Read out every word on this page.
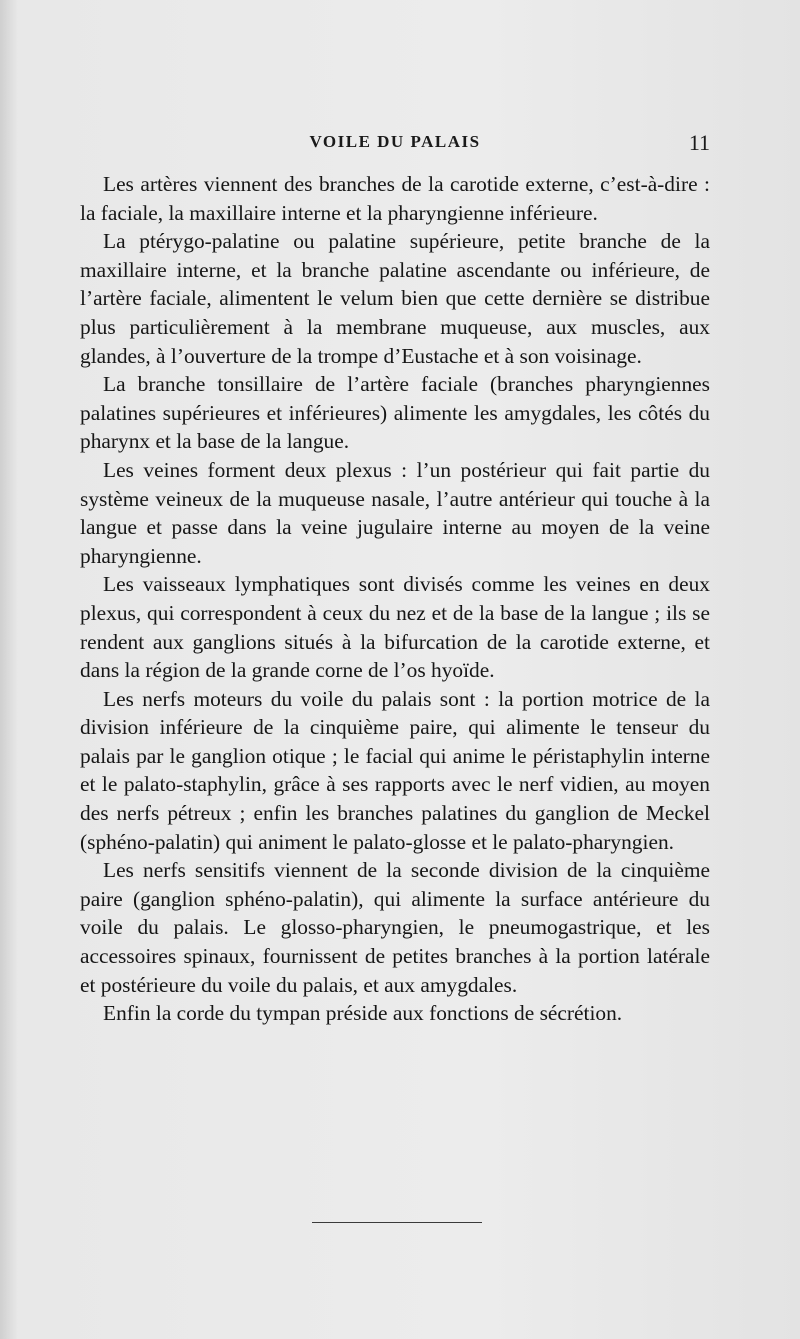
VOILE DU PALAIS	11

Les artères viennent des branches de la carotide externe, c’est-à-dire : la faciale, la maxillaire interne et la pharyngienne inférieure.

La ptérygo-palatine ou palatine supérieure, petite branche de la maxillaire interne, et la branche palatine ascendante ou inférieure, de l’artère faciale, alimentent le velum bien que cette dernière se distribue plus particulièrement à la membrane muqueuse, aux muscles, aux glandes, à l’ouverture de la trompe d’Eustache et à son voisinage.

La branche tonsillaire de l’artère faciale (branches pharyngiennes palatines supérieures et inférieures) alimente les amygdales, les côtés du pharynx et la base de la langue.

Les veines forment deux plexus : l’un postérieur qui fait partie du système veineux de la muqueuse nasale, l’autre antérieur qui touche à la langue et passe dans la veine jugulaire interne au moyen de la veine pharyngienne.

Les vaisseaux lymphatiques sont divisés comme les veines en deux plexus, qui correspondent à ceux du nez et de la base de la langue ; ils se rendent aux ganglions situés à la bifurcation de la carotide externe, et dans la région de la grande corne de l’os hyoïde.

Les nerfs moteurs du voile du palais sont : la portion motrice de la division inférieure de la cinquième paire, qui alimente le tenseur du palais par le ganglion otique ; le facial qui anime le péristaphylin interne et le palato-staphylin, grâce à ses rapports avec le nerf vidien, au moyen des nerfs pétreux ; enfin les branches palatines du ganglion de Meckel (sphéno-palatin) qui animent le palato-glosse et le palato-pharyngien.

Les nerfs sensitifs viennent de la seconde division de la cinquième paire (ganglion sphéno-palatin), qui alimente la surface antérieure du voile du palais. Le glosso-pharyngien, le pneumogastrique, et les accessoires spinaux, fournissent de petites branches à la portion latérale et postérieure du voile du palais, et aux amygdales.

Enfin la corde du tympan préside aux fonctions de sécrétion.
